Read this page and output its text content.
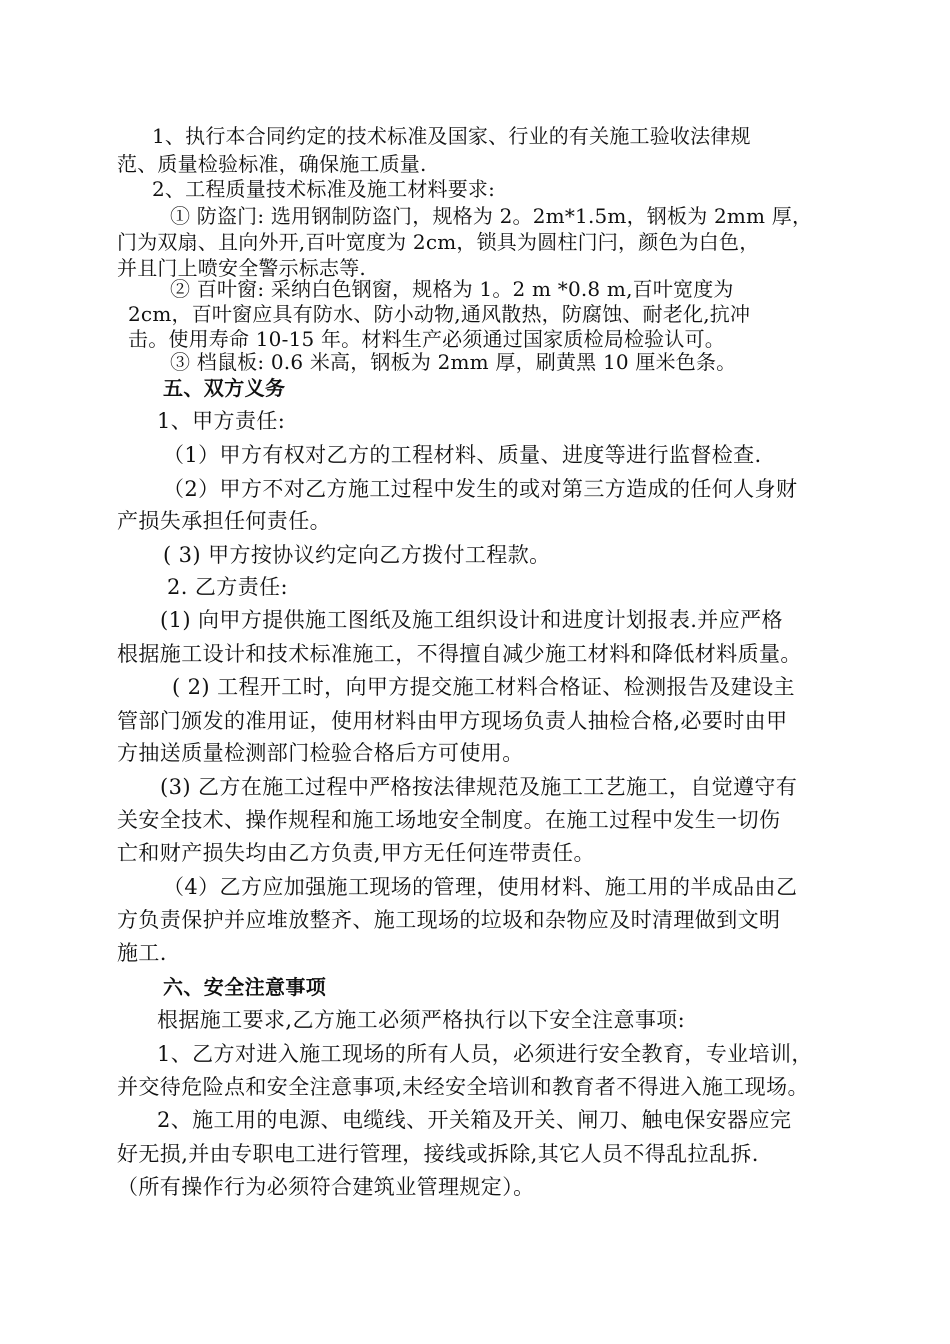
1、执行本合同约定的技术标准及国家、行业的有关施工验收法律规
范、质量检验标准，确保施工质量.
2、工程质量技术标准及施工材料要求:
① 防盗门: 选用钢制防盗门，规格为 2。2m*1.5m，钢板为 2mm 厚，
门为双扇、且向外开,百叶宽度为 2cm，锁具为圆柱门闩，颜色为白色，
并且门上喷安全警示标志等.
② 百叶窗: 采纳白色钢窗，规格为 1。2 m *0.8 m,百叶宽度为
2cm，百叶窗应具有防水、防小动物,通风散热，防腐蚀、耐老化,抗冲
击。使用寿命 10-15 年。材料生产必须通过国家质检局检验认可。
③ 档鼠板: 0.6 米高，钢板为 2mm 厚，刷黄黑 10 厘米色条。
五、双方义务
1、甲方责任:
（1）甲方有权对乙方的工程材料、质量、进度等进行监督检查.
（2）甲方不对乙方施工过程中发生的或对第三方造成的任何人身财
产损失承担任何责任。
( 3) 甲方按协议约定向乙方拨付工程款。
2. 乙方责任:
(1) 向甲方提供施工图纸及施工组织设计和进度计划报表.并应严格
根据施工设计和技术标准施工，不得擅自减少施工材料和降低材料质量。
( 2) 工程开工时，向甲方提交施工材料合格证、检测报告及建设主
管部门颁发的准用证，使用材料由甲方现场负责人抽检合格,必要时由甲
方抽送质量检测部门检验合格后方可使用。
(3) 乙方在施工过程中严格按法律规范及施工工艺施工，自觉遵守有
关安全技术、操作规程和施工场地安全制度。在施工过程中发生一切伤
亡和财产损失均由乙方负责,甲方无任何连带责任。
（4）乙方应加强施工现场的管理，使用材料、施工用的半成品由乙
方负责保护并应堆放整齐、施工现场的垃圾和杂物应及时清理做到文明
施工.
六、安全注意事项
根据施工要求,乙方施工必须严格执行以下安全注意事项:
1、乙方对进入施工现场的所有人员，必须进行安全教育，专业培训，
并交待危险点和安全注意事项,未经安全培训和教育者不得进入施工现场。
2、施工用的电源、电缆线、开关箱及开关、闸刀、触电保安器应完
好无损,并由专职电工进行管理，接线或拆除,其它人员不得乱拉乱拆.
（所有操作行为必须符合建筑业管理规定）。
